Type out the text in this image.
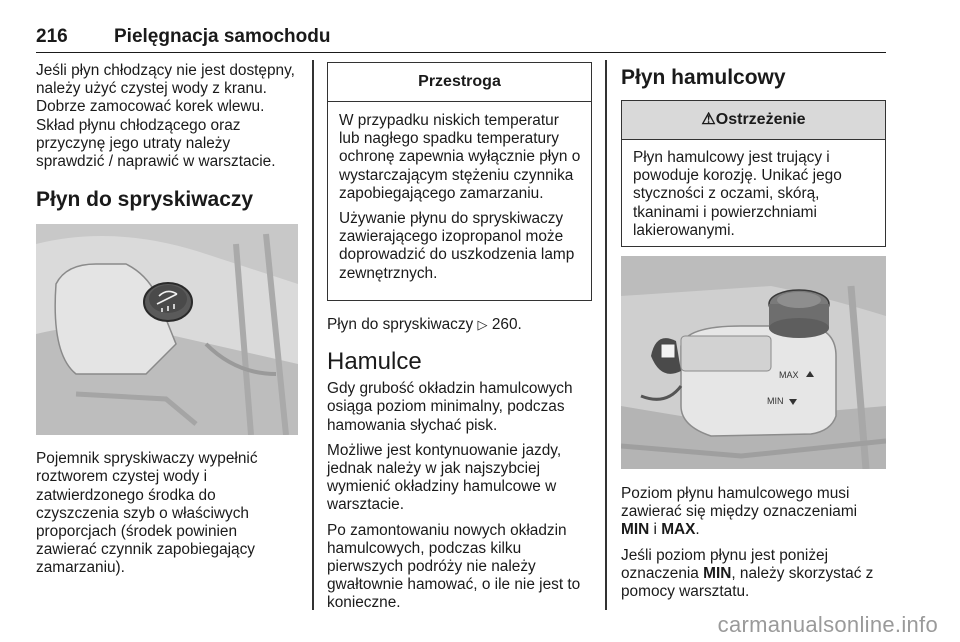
216 Pielęgnacja samochodu

Jeśli płyn chłodzący nie jest dostępny, należy użyć czystej wody z kranu. Dobrze zamocować korek wlewu. Skład płynu chłodzącego oraz przyczynę jego utraty należy sprawdzić / naprawić w warsztacie.

Płyn do spryskiwaczy

Pojemnik spryskiwaczy wypełnić roztworem czystej wody i zatwierdzonego środka do czyszczenia szyb o właściwych proporcjach (środek powinien zawierać czynnik zapobiegający zamarzaniu).

Przestroga

W przypadku niskich temperatur lub nagłego spadku temperatury ochronę zapewnia wyłącznie płyn o wystarczającym stężeniu czynnika zapobiegającego zamarzaniu.

Używanie płynu do spryskiwaczy zawierającego izopropanol może doprowadzić do uszkodzenia lamp zewnętrznych.

Płyn do spryskiwaczy ▷ 260.

Hamulce

Gdy grubość okładzin hamulcowych osiąga poziom minimalny, podczas hamowania słychać pisk.

Możliwe jest kontynuowanie jazdy, jednak należy w jak najszybciej wymienić okładziny hamulcowe w warsztacie.

Po zamontowaniu nowych okładzin hamulcowych, podczas kilku pierwszych podróży nie należy gwałtownie hamować, o ile nie jest to konieczne.

Płyn hamulcowy
⚠ Ostrzeżenie

Płyn hamulcowy jest trujący i powoduje korozję. Unikać jego styczności z oczami, skórą, tkaninami i powierzchniami lakierowanymi.

MAX
MIN

Poziom płynu hamulcowego musi zawierać się między oznaczeniami MIN i MAX.

Jeśli poziom płynu jest poniżej oznaczenia MIN, należy skorzystać z pomocy warsztatu.

carmanualsonline.info
